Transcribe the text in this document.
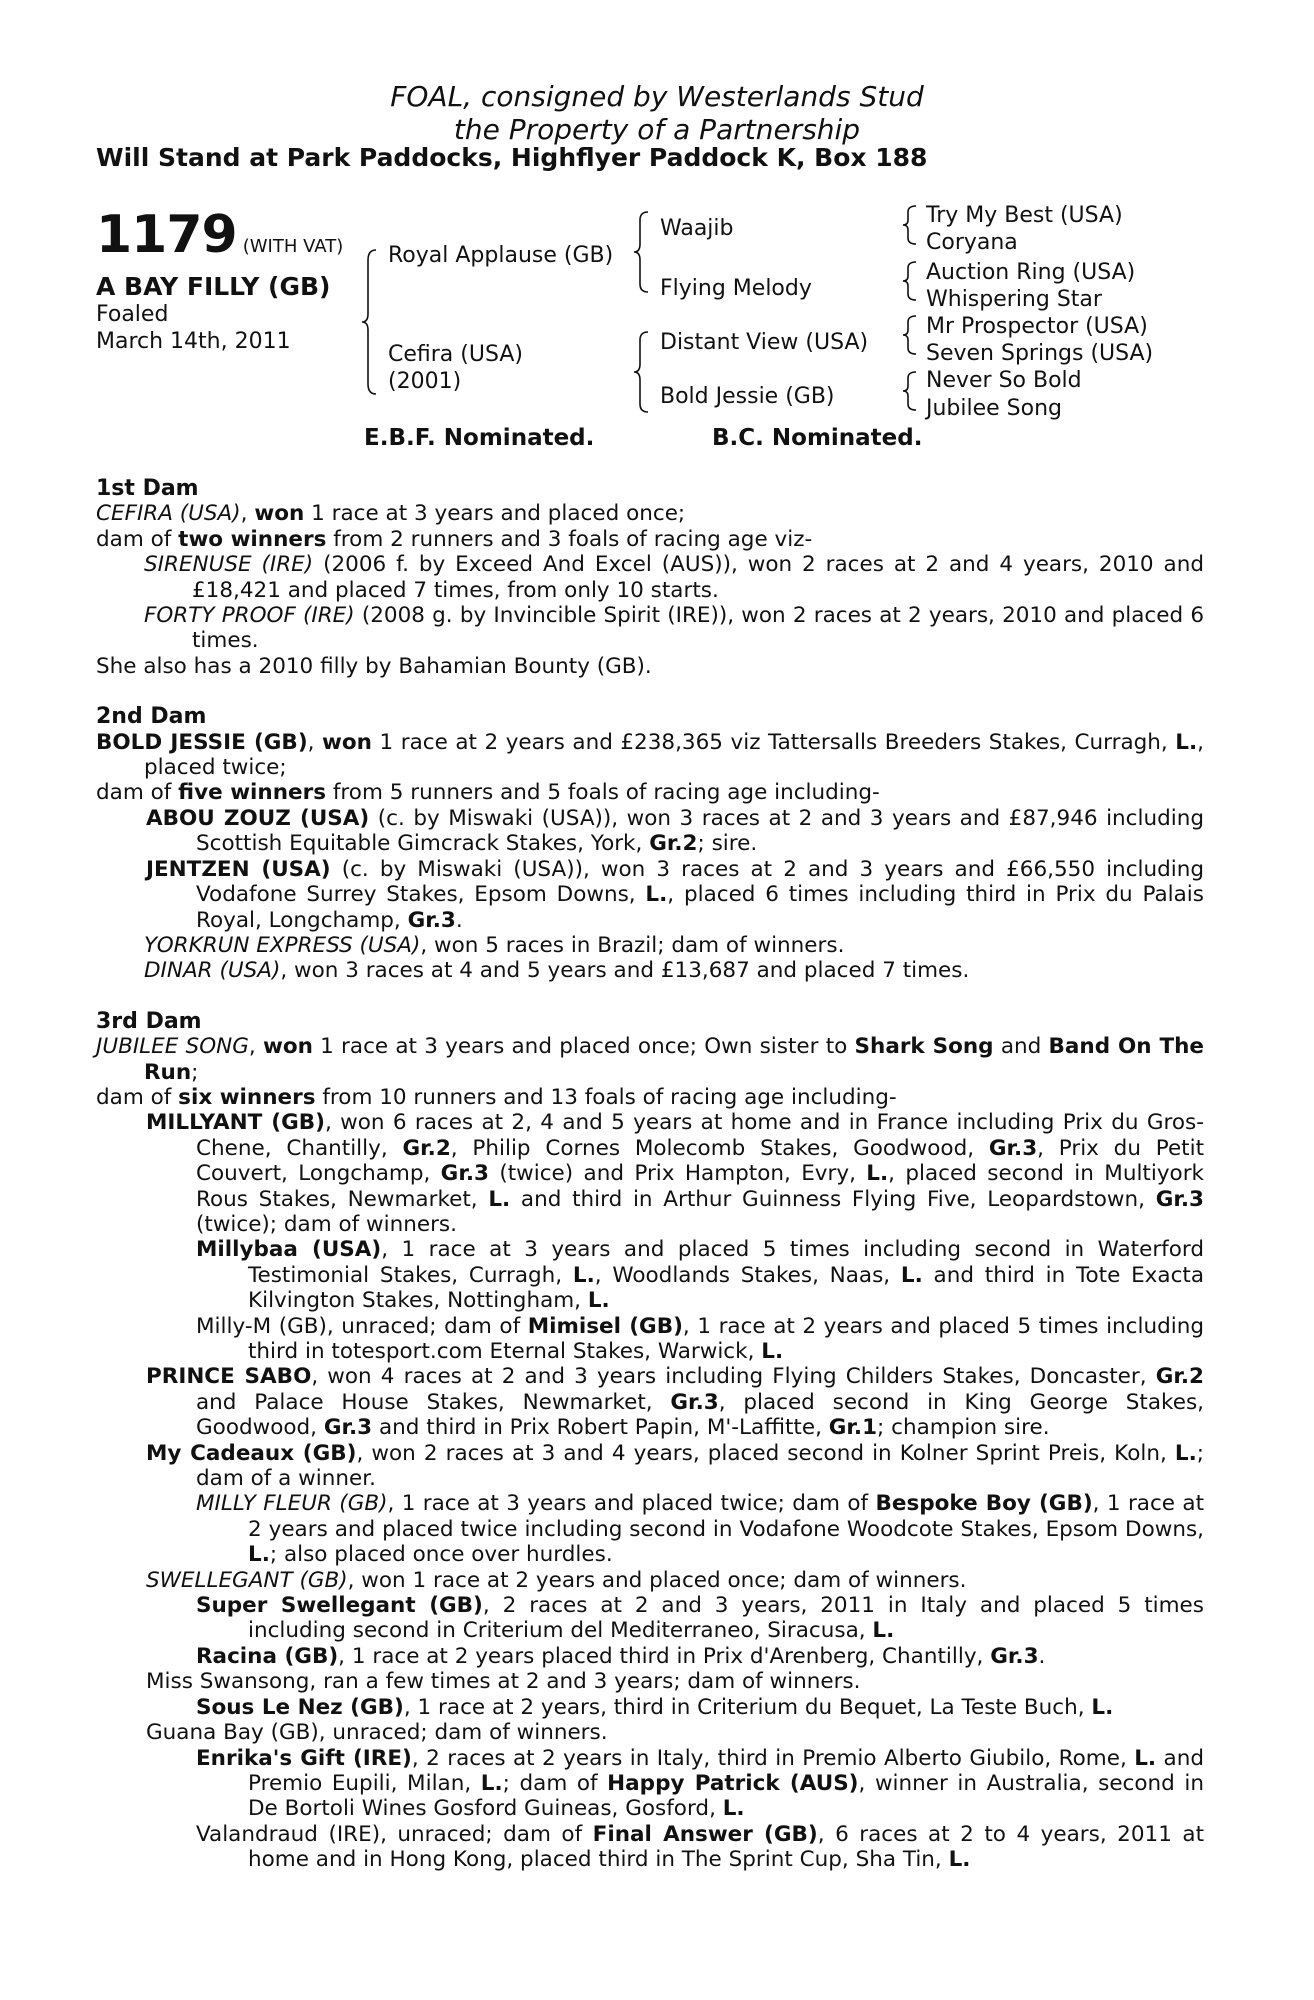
FOAL, consigned by Westerlands Stud
the Property of a Partnership
Will Stand at Park Paddocks, Highflyer Paddock K, Box 188
1179 (WITH VAT)
A BAY FILLY (GB)
Foaled
March 14th, 2011
Royal Applause (GB)
Cefira (USA)
(2001)
Waajib
Flying Melody
Distant View (USA)
Bold Jessie (GB)
Try My Best (USA)
Coryana
Auction Ring (USA)
Whispering Star
Mr Prospector (USA)
Seven Springs (USA)
Never So Bold
Jubilee Song
E.B.F. Nominated.	B.C. Nominated.
1st Dam
CEFIRA (USA), won 1 race at 3 years and placed once;
dam of two winners from 2 runners and 3 foals of racing age viz-
SIRENUSE (IRE) (2006 f. by Exceed And Excel (AUS)), won 2 races at 2 and 4 years, 2010 and £18,421 and placed 7 times, from only 10 starts.
FORTY PROOF (IRE) (2008 g. by Invincible Spirit (IRE)), won 2 races at 2 years, 2010 and placed 6 times.
She also has a 2010 filly by Bahamian Bounty (GB).
2nd Dam
BOLD JESSIE (GB), won 1 race at 2 years and £238,365 viz Tattersalls Breeders Stakes, Curragh, L., placed twice;
dam of five winners from 5 runners and 5 foals of racing age including-
ABOU ZOUZ (USA) (c. by Miswaki (USA)), won 3 races at 2 and 3 years and £87,946 including Scottish Equitable Gimcrack Stakes, York, Gr.2; sire.
JENTZEN (USA) (c. by Miswaki (USA)), won 3 races at 2 and 3 years and £66,550 including Vodafone Surrey Stakes, Epsom Downs, L., placed 6 times including third in Prix du Palais Royal, Longchamp, Gr.3.
YORKRUN EXPRESS (USA), won 5 races in Brazil; dam of winners.
DINAR (USA), won 3 races at 4 and 5 years and £13,687 and placed 7 times.
3rd Dam
JUBILEE SONG, won 1 race at 3 years and placed once; Own sister to Shark Song and Band On The Run;
dam of six winners from 10 runners and 13 foals of racing age including-
MILLYANT (GB), won 6 races at 2, 4 and 5 years at home and in France including Prix du Gros-Chene, Chantilly, Gr.2, Philip Cornes Molecomb Stakes, Goodwood, Gr.3, Prix du Petit Couvert, Longchamp, Gr.3 (twice) and Prix Hampton, Evry, L., placed second in Multiyork Rous Stakes, Newmarket, L. and third in Arthur Guinness Flying Five, Leopardstown, Gr.3 (twice); dam of winners.
Millybaa (USA), 1 race at 3 years and placed 5 times including second in Waterford Testimonial Stakes, Curragh, L., Woodlands Stakes, Naas, L. and third in Tote Exacta Kilvington Stakes, Nottingham, L.
Milly-M (GB), unraced; dam of Mimisel (GB), 1 race at 2 years and placed 5 times including third in totesport.com Eternal Stakes, Warwick, L.
PRINCE SABO, won 4 races at 2 and 3 years including Flying Childers Stakes, Doncaster, Gr.2 and Palace House Stakes, Newmarket, Gr.3, placed second in King George Stakes, Goodwood, Gr.3 and third in Prix Robert Papin, M'-Laffitte, Gr.1; champion sire.
My Cadeaux (GB), won 2 races at 3 and 4 years, placed second in Kolner Sprint Preis, Koln, L.; dam of a winner.
MILLY FLEUR (GB), 1 race at 3 years and placed twice; dam of Bespoke Boy (GB), 1 race at 2 years and placed twice including second in Vodafone Woodcote Stakes, Epsom Downs, L.; also placed once over hurdles.
SWELLEGANT (GB), won 1 race at 2 years and placed once; dam of winners.
Super Swellegant (GB), 2 races at 2 and 3 years, 2011 in Italy and placed 5 times including second in Criterium del Mediterraneo, Siracusa, L.
Racina (GB), 1 race at 2 years placed third in Prix d'Arenberg, Chantilly, Gr.3.
Miss Swansong, ran a few times at 2 and 3 years; dam of winners.
Sous Le Nez (GB), 1 race at 2 years, third in Criterium du Bequet, La Teste Buch, L.
Guana Bay (GB), unraced; dam of winners.
Enrika's Gift (IRE), 2 races at 2 years in Italy, third in Premio Alberto Giubilo, Rome, L. and Premio Eupili, Milan, L.; dam of Happy Patrick (AUS), winner in Australia, second in De Bortoli Wines Gosford Guineas, Gosford, L.
Valandraud (IRE), unraced; dam of Final Answer (GB), 6 races at 2 to 4 years, 2011 at home and in Hong Kong, placed third in The Sprint Cup, Sha Tin, L.
